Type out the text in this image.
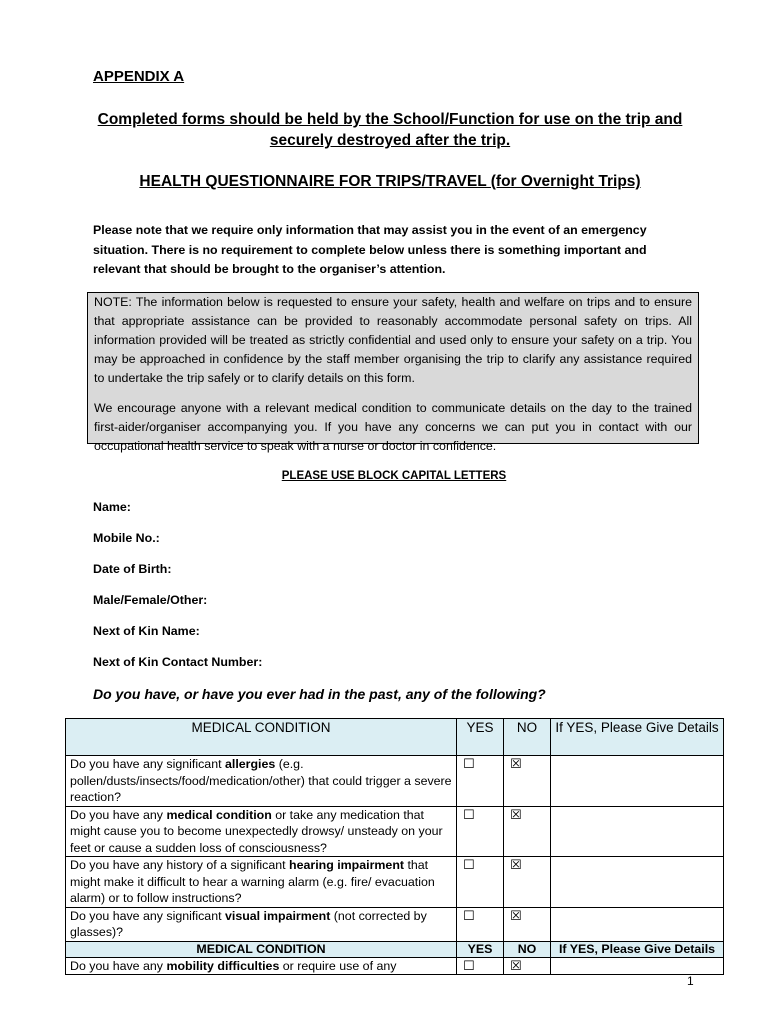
APPENDIX A
Completed forms should be held by the School/Function for use on the trip and securely destroyed after the trip.
HEALTH QUESTIONNAIRE FOR TRIPS/TRAVEL (for Overnight Trips)
Please note that we require only information that may assist you in the event of an emergency situation. There is no requirement to complete below unless there is something important and relevant that should be brought to the organiser’s attention.

NOTE: The information below is requested to ensure your safety, health and welfare on trips and to ensure that appropriate assistance can be provided to reasonably accommodate personal safety on trips. All information provided will be treated as strictly confidential and used only to ensure your safety on a trip. You may be approached in confidence by the staff member organising the trip to clarify any assistance required to undertake the trip safely or to clarify details on this form.

We encourage anyone with a relevant medical condition to communicate details on the day to the trained first-aider/organiser accompanying you. If you have any concerns we can put you in contact with our occupational health service to speak with a nurse or doctor in confidence.

PLEASE USE BLOCK CAPITAL LETTERS
Name:
Mobile No.:
Date of Birth:
Male/Female/Other:
Next of Kin Name:
Next of Kin Contact Number:
Do you have, or have you ever had in the past, any of the following?
MEDICAL CONDITION	YES	NO	If YES, Please Give Details
Do you have any significant allergies (e.g. pollen/dusts/insects/food/medication/other) that could trigger a severe reaction?	☐	☒	
Do you have any medical condition or take any medication that might cause you to become unexpectedly drowsy/ unsteady on your feet or cause a sudden loss of consciousness?	☐	☒	
Do you have any history of a significant hearing impairment that might make it difficult to hear a warning alarm (e.g. fire/ evacuation alarm) or to follow instructions?	☐	☒	
Do you have any significant visual impairment (not corrected by glasses)?	☐	☒	
MEDICAL CONDITION	YES	NO	If YES, Please Give Details
Do you have any mobility difficulties or require use of any	☐	☒	
1
